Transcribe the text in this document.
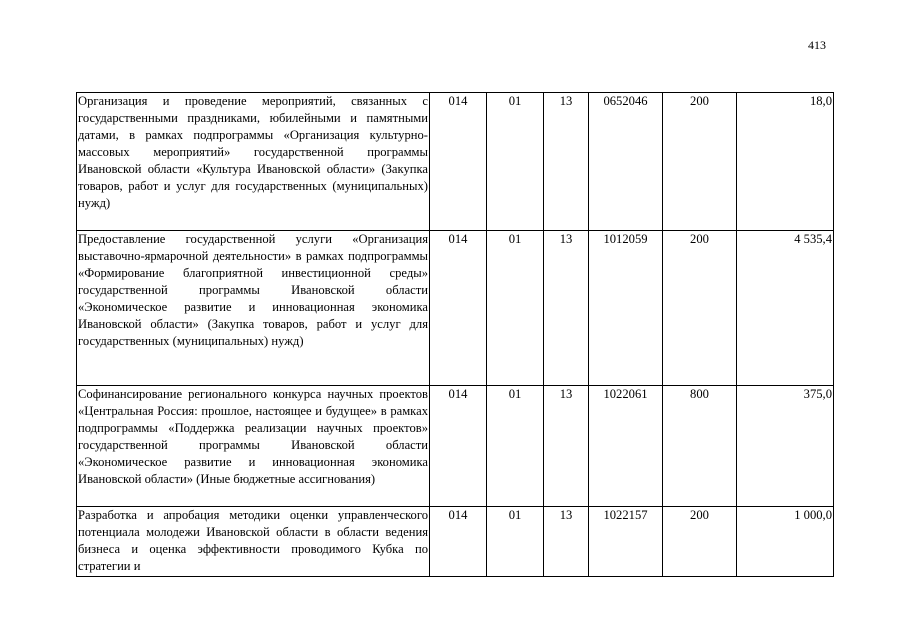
413
Организация и проведение мероприятий, связанных с государственными праздниками, юбилейными и памятными датами, в рамках подпрограммы «Организация культурно-массовых мероприятий» государственной программы Ивановской области «Культура Ивановской области» (Закупка товаров, работ и услуг для государственных (муниципальных) нужд)	014	01	13	0652046	200	18,0

Предоставление государственной услуги «Организация выставочно-ярмарочной деятельности» в рамках подпрограммы «Формирование благоприятной инвестиционной среды» государственной программы Ивановской области «Экономическое развитие и инновационная экономика Ивановской области» (Закупка товаров, работ и услуг для государственных (муниципальных) нужд)	014	01	13	1012059	200	4 535,4

Софинансирование регионального конкурса научных проектов «Центральная Россия: прошлое, настоящее и будущее» в рамках подпрограммы «Поддержка реализации научных проектов» государственной программы Ивановской области «Экономическое развитие и инновационная экономика Ивановской области» (Иные бюджетные ассигнования)	014	01	13	1022061	800	375,0

Разработка и апробация методики оценки управленческого потенциала молодежи Ивановской области в области ведения бизнеса и оценка эффективности проводимого Кубка по стратегии и	014	01	13	1022157	200	1 000,0
